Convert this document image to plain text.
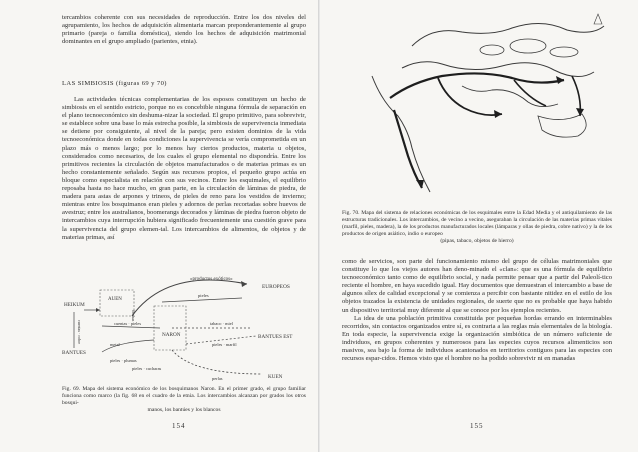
tercambios coherente con sus necesidades de reproducción. Entre los dos niveles del agrupamiento, los hechos de adquisición alimentaria marcan preponderantemente al grupo primario (pareja o familia doméstica), siendo los hechos de adquisición matrimonial dominantes en el grupo ampliado (parientes, etnia).

LAS SIMBIOSIS (figuras 69 y 70)

Las actividades técnicas complementarias de los esposos constituyen un hecho de simbiosis en el sentido estricto, porque no es concebible ninguna fórmula de separación en el plano tecnoeconómico sin deshuma-nizar la sociedad. El grupo primitivo, para sobrevivir, se establece sobre una base lo más estrecha posible, la simbiosis de supervivencia inmediata se detiene por consiguiente, al nivel de la pareja; pero existen dominios de la vida tecnoeconómica donde en todas condiciones la supervivencia se vería comprometida en un plazo más o menos largo; por lo menos hay ciertos productos, materia u objetos, considerados como necesarios, de los cuales el grupo elemental no dispondría. Entre los primitivos recientes la circulación de objetos manufacturados o de materias primas es un hecho constantemente señalado. Según sus recursos propios, el pequeño grupo actúa en bloque como especialista en relación con sus vecinos. Entre los esquimales, el equilibrio reposaba hasta no hace mucho, en gran parte, en la circulación de láminas de piedra, de madera para astas de arpones y trineos, de pieles de reno para los vestidos de invierno; mientras entre los bosquimanos eran pieles y adornos de perlas recortadas sobre huevos de avestruz; entre los australianos, boomerangs decorados y láminas de piedra fueron objeto de intercambios cuya interrupción hubiera significado frecuentemente una cuestión grave para la supervivencia del grupo elemen-tal. Los intercambios de alimentos, de objetos y de materias primas, así

«productos exóticos»
EUROPEOS
pieles
HEIKUM
AUEN
flechas
cuentas · cobre	cuentas · pieles	tabaco · miel
NARON
BANTUES
BANTUES EST
metal	pieles · marfil
pieles · plumas
pieles · cucharas
perlas	KUEN
Fig. 69. Mapa del sistema económico de los bosquimanos Naron. En el primer grado, el grupo familiar funciona como marco (la fig. 68 en el cuadro de la etnia. Los intercambios alcanzan por grados los otros bosqui-
manos, los bantúes y los blancos
154
Fig. 70. Mapa del sistema de relaciones económicas de los esquimales entre la Edad Media y el antiquilamiento de las estructuras tradicionales. Los intercambios, de vecino a vecino, aseguraban la circulación de las materias primas vitales (marfil, pieles, madera), la de los productos manufacturados locales (lámparas y ollas de piedra, cobre nativo) y la de los productos de origen asiático, indio o europeo
(pipas, tabaco, objetos de hierro)

como de servicios, son parte del funcionamiento mismo del grupo de células matrimoniales que constituye lo que los viejos autores han deno-minado el «clan»: que es una fórmula de equilibrio tecnoeconómico tanto como de equilibrio social, y nada permite pensar que a partir del Paleolí-tico reciente el hombre, en haya sucedido igual. Hay documentos que demuestran el intercambio a base de algunos sílex de calidad excepcional y se comienza a percibir con bastante nitidez en el estilo de los objetos trazados la existencia de unidades regionales, de suerte que no es probable que haya habido un dispositivo territorial muy diferente al que se conoce por los ejemplos recientes.

La idea de una población primitiva constituida por pequeñas hordas errando en interminables recorridos, sin contactos organizados entre sí, es contraria a las reglas más elementales de la biología. En toda especie, la supervivencia exige la organización simbiótica de un número suficiente de individuos, en grupos coherentes y numerosos para las especies cuyos recursos alimenticios son masivos, sea bajo la forma de individuos acantonados en territorios contiguos para las especies con recursos espar-cidos. Hemos visto que el hombre no ha podido sobrevivir ni en manadas

155
